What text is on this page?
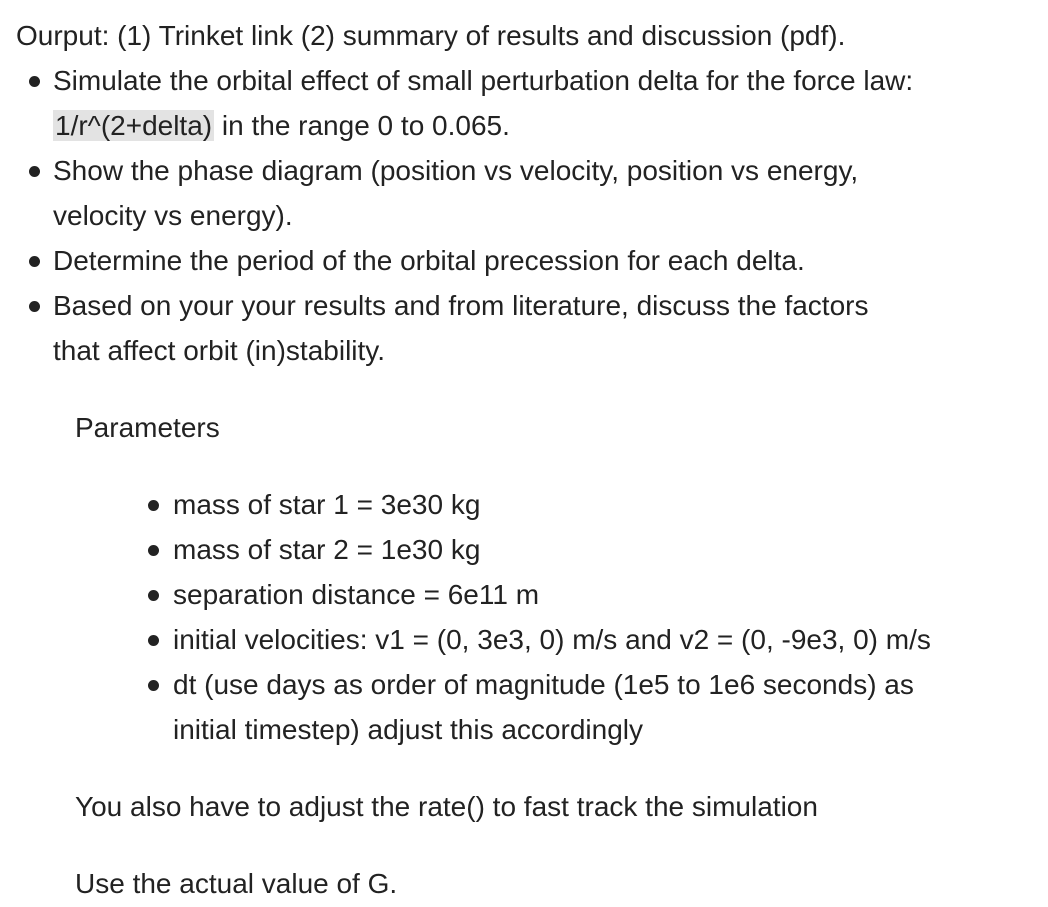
Ourput: (1) Trinket link (2) summary of results and discussion (pdf).
Simulate the orbital effect of small perturbation delta for the force law:
1/r^(2+delta) in the range 0 to 0.065.
Show the phase diagram (position vs velocity, position vs energy,
velocity vs energy).
Determine the period of the orbital precession for each delta.
Based on your your results and from literature, discuss the factors
that affect orbit (in)stability.
Parameters
mass of star 1 = 3e30 kg
mass of star 2 = 1e30 kg
separation distance = 6e11 m
initial velocities: v1 = (0, 3e3, 0) m/s and v2 = (0, -9e3, 0) m/s
dt (use days as order of magnitude (1e5 to 1e6 seconds) as
initial timestep) adjust this accordingly
You also have to adjust the rate() to fast track the simulation
Use the actual value of G.
